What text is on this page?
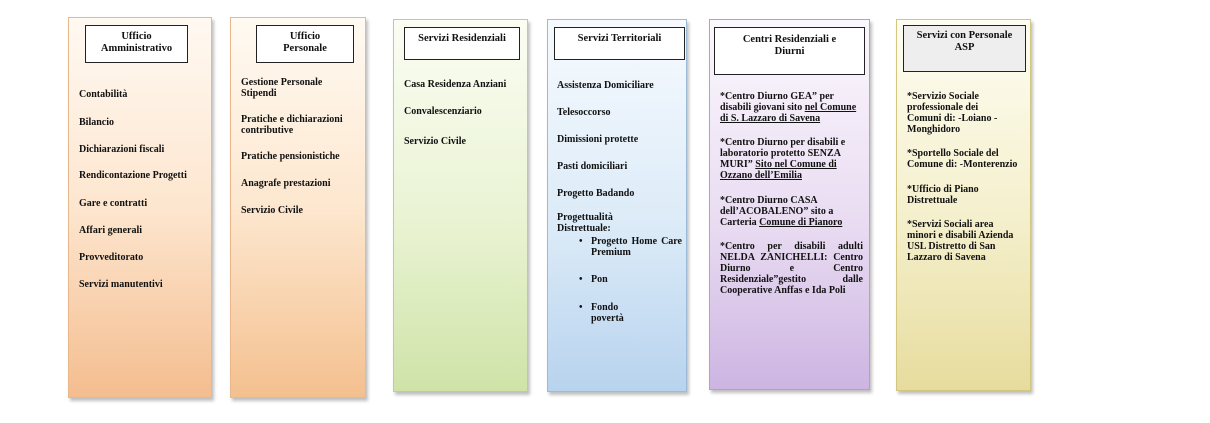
Ufficio
Amministrativo
Contabilità
Bilancio
Dichiarazioni fiscali
Rendicontazione Progetti
Gare e contratti
Affari generali
Provveditorato
Servizi manutentivi
Ufficio
Personale
Gestione Personale Stipendi
Pratiche e dichiarazioni contributive
Pratiche pensionistiche
Anagrafe prestazioni
Servizio Civile
Servizi Residenziali
Casa Residenza Anziani
Convalescenziario
Servizio Civile
Servizi Territoriali
Assistenza Domiciliare
Telesoccorso
Dimissioni protette
Pasti domiciliari
Progetto Badando
Progettualità Distrettuale:
• Progetto Home Care Premium
• Pon
• Fondo povertà
Centri Residenziali e
Diurni
*Centro Diurno GEA” per disabili giovani sito nel Comune di S. Lazzaro di Savena
*Centro Diurno per disabili e laboratorio protetto SENZA MURI” Sito nel Comune di Ozzano dell’Emilia
*Centro Diurno CASA dell’ACOBALENO” sito a Carteria Comune di Pianoro
*Centro per disabili adulti NELDA ZANICHELLI: Centro Diurno e Centro Residenziale”gestito dalle Cooperative Anffas e Ida Poli
Servizi con Personale
ASP
*Servizio Sociale professionale dei Comuni di: -Loiano -Monghidoro
*Sportello Sociale del Comune di: -Monterenzio
*Ufficio di Piano Distrettuale
*Servizi Sociali area minori e disabili Azienda USL Distretto di San Lazzaro di Savena
